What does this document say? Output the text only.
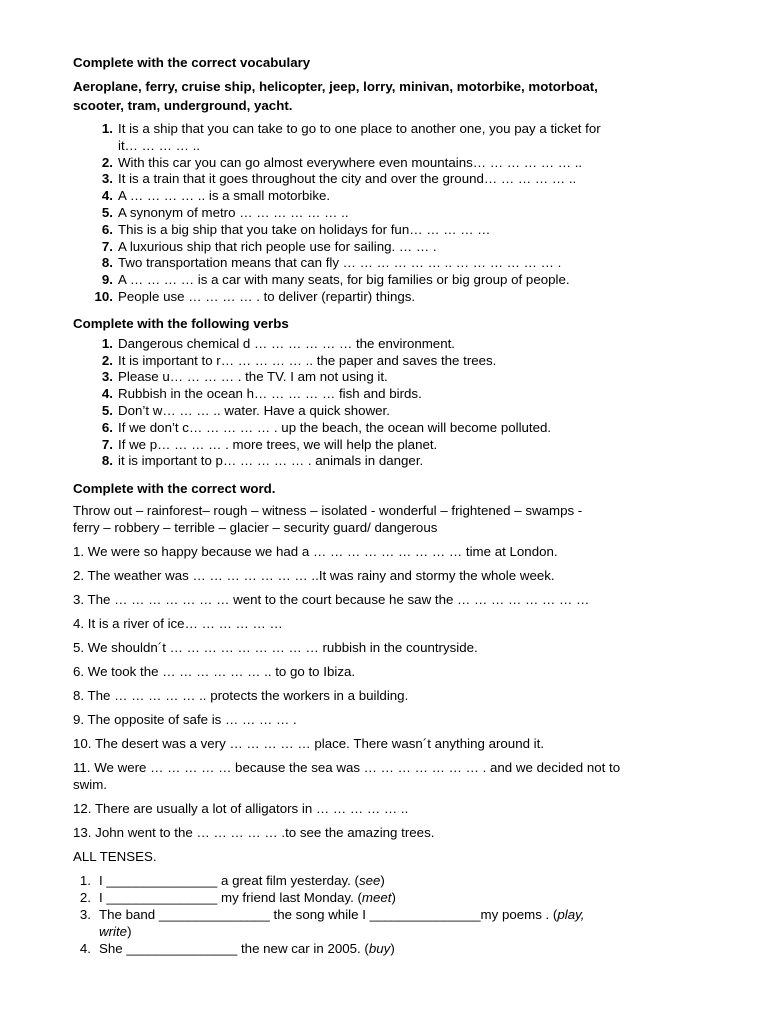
Complete with the correct vocabulary

Aeroplane, ferry, cruise ship, helicopter, jeep, lorry, minivan, motorbike, motorboat,
scooter, tram, underground, yacht.
1. It is a ship that you can take to go to one place to another one, you pay a ticket for
it… … … … ..
2. With this car you can go almost everywhere even mountains… … … … … … ..
3. It is a train that it goes throughout the city and over the ground… … … … … ..
4. A … … … … .. is a small motorbike.
5. A synonym of metro … … … … … … ..
6. This is a big ship that you take on holidays for fun… … … … …
7. A luxurious ship that rich people use for sailing. … … .
8. Two transportation means that can fly … … … … … … .. … … … … … … .
9. A … … … … is a car with many seats, for big families or big group of people.
10. People use … … … … . to deliver (repartir) things.

Complete with the following verbs

1. Dangerous chemical d … … … … … … the environment.
2. It is important to r… … … … … .. the paper and saves the trees.
3. Please u… … … … . the TV. I am not using it.
4. Rubbish in the ocean h… … … … … fish and birds.
5. Don’t w… … … .. water. Have a quick shower.
6. If we don’t c… … … … … . up the beach, the ocean will become polluted.
7. If we p… … … … . more trees, we will help the planet.
8. it is important to p… … … … … . animals in danger.

Complete with the correct word.

Throw out – rainforest– rough – witness – isolated - wonderful – frightened – swamps -

ferry – robbery – terrible – glacier – security guard/ dangerous

1. We were so happy because we had a … … … … … … … … … time at London.

2. The weather was … … … … … … … ..It was rainy and stormy the whole week.

3. The … … … … … … … went to the court because he saw the … … … … … … … …

4. It is a river of ice… … … … … …

5. We shouldn´t … … … … … … … … … rubbish in the countryside.

6. We took the … … … … … … .. to go to Ibiza.

8. The … … … … … .. protects the workers in a building.

9. The opposite of safe is … … … … .

10. The desert was a very … … … … … place. There wasn´t anything around it.

11. We were … … … … … because the sea was … … … … … … … . and we decided not to
swim.

12. There are usually a lot of alligators in … … … … … ..

13. John went to the … … … … … .to see the amazing trees.

ALL TENSES.

1. I _______________ a great film yesterday. (see)
2. I _______________ my friend last Monday. (meet)
3. The band _______________ the song while I _______________my poems . (play,
write)
4. She _______________ the new car in 2005. (buy)
